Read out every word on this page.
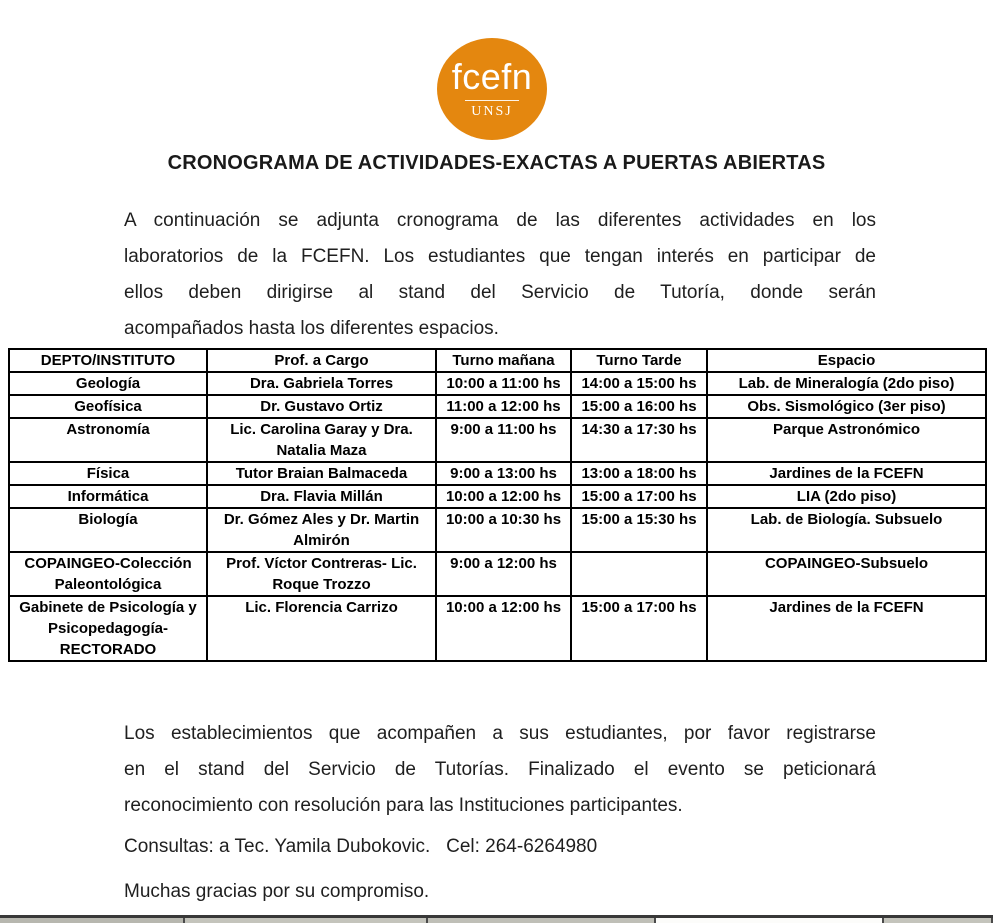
fcefn
UNSJ
CRONOGRAMA DE ACTIVIDADES-EXACTAS A PUERTAS ABIERTAS
A continuación se adjunta cronograma de las diferentes actividades en los
laboratorios de la FCEFN. Los estudiantes que tengan interés en participar de
ellos deben dirigirse al stand del Servicio de Tutoría, donde serán
acompañados hasta los diferentes espacios.
DEPTO/INSTITUTO	Prof. a Cargo	Turno mañana	Turno Tarde	Espacio
Geología	Dra. Gabriela Torres	10:00 a 11:00 hs	14:00 a 15:00 hs	Lab. de Mineralogía (2do piso)
Geofísica	Dr. Gustavo Ortiz	11:00 a 12:00 hs	15:00 a 16:00 hs	Obs. Sismológico (3er piso)
Astronomía	Lic. Carolina Garay y Dra. Natalia Maza	9:00 a 11:00 hs	14:30 a 17:30 hs	Parque Astronómico
Física	Tutor Braian Balmaceda	9:00 a 13:00 hs	13:00 a 18:00 hs	Jardines de la FCEFN
Informática	Dra. Flavia Millán	10:00 a 12:00 hs	15:00 a 17:00 hs	LIA (2do piso)
Biología	Dr. Gómez Ales y Dr. Martin Almirón	10:00 a 10:30 hs	15:00 a 15:30 hs	Lab. de Biología. Subsuelo
COPAINGEO-Colección Paleontológica	Prof. Víctor Contreras- Lic. Roque Trozzo	9:00 a 12:00 hs		COPAINGEO-Subsuelo
Gabinete de Psicología y Psicopedagogía- RECTORADO	Lic. Florencia Carrizo	10:00 a 12:00 hs	15:00 a 17:00 hs	Jardines de la FCEFN
Los establecimientos que acompañen a sus estudiantes, por favor registrarse
en el stand del Servicio de Tutorías. Finalizado el evento se peticionará
reconocimiento con resolución para las Instituciones participantes.
Consultas: a Tec. Yamila Dubokovic.   Cel: 264-6264980
Muchas gracias por su compromiso.
